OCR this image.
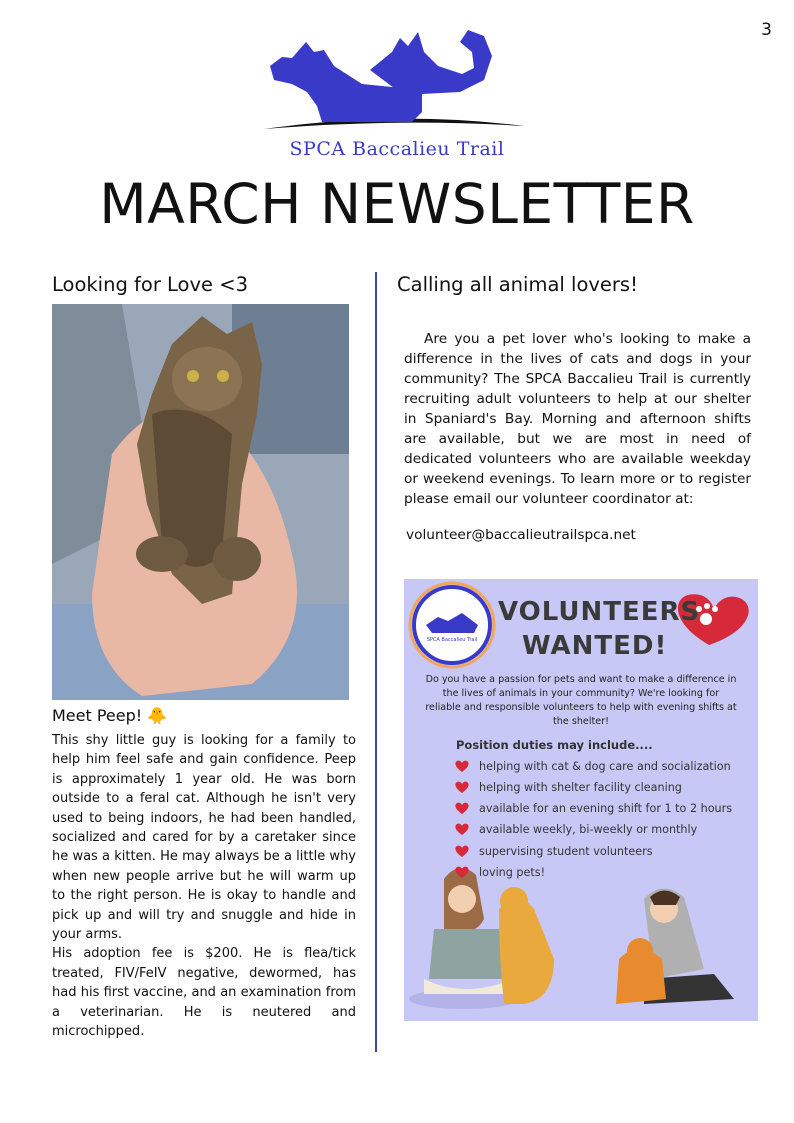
3
SPCA Baccalieu Trail
MARCH NEWSLETTER
Looking for Love <3	Calling all animal lovers!
Meet Peep! 🐥

This shy little guy is looking for a family to help him feel safe and gain confidence. Peep is approximately 1 year old. He was born outside to a feral cat. Although he isn't very used to being indoors, he had been handled, socialized and cared for by a caretaker since he was a kitten. He may always be a little why when new people arrive but he will warm up to the right person. He is okay to handle and pick up and will try and snuggle and hide in your arms.

His adoption fee is $200. He is flea/tick treated, FIV/FeIV negative, dewormed, has had his first vaccine, and an examination from a veterinarian. He is neutered and microchipped.

Are you a pet lover who's looking to make a difference in the lives of cats and dogs in your community? The SPCA Baccalieu Trail is currently recruiting adult volunteers to help at our shelter in Spaniard's Bay. Morning and afternoon shifts are available, but we are most in need of dedicated volunteers who are available weekday or weekend evenings. To learn more or to register please email our volunteer coordinator at:

volunteer@baccalieutrailspca.net
SPCA Baccalieu Trail
VOLUNTEERS
WANTED!
Do you have a passion for pets and want to make a difference in the lives of animals in your community? We're looking for reliable and responsible volunteers to help with evening shifts at the shelter!
Position duties may include....
helping with cat & dog care and socialization
helping with shelter facility cleaning
available for an evening shift for 1 to 2 hours
available weekly, bi-weekly or monthly
supervising student volunteers
loving pets!
